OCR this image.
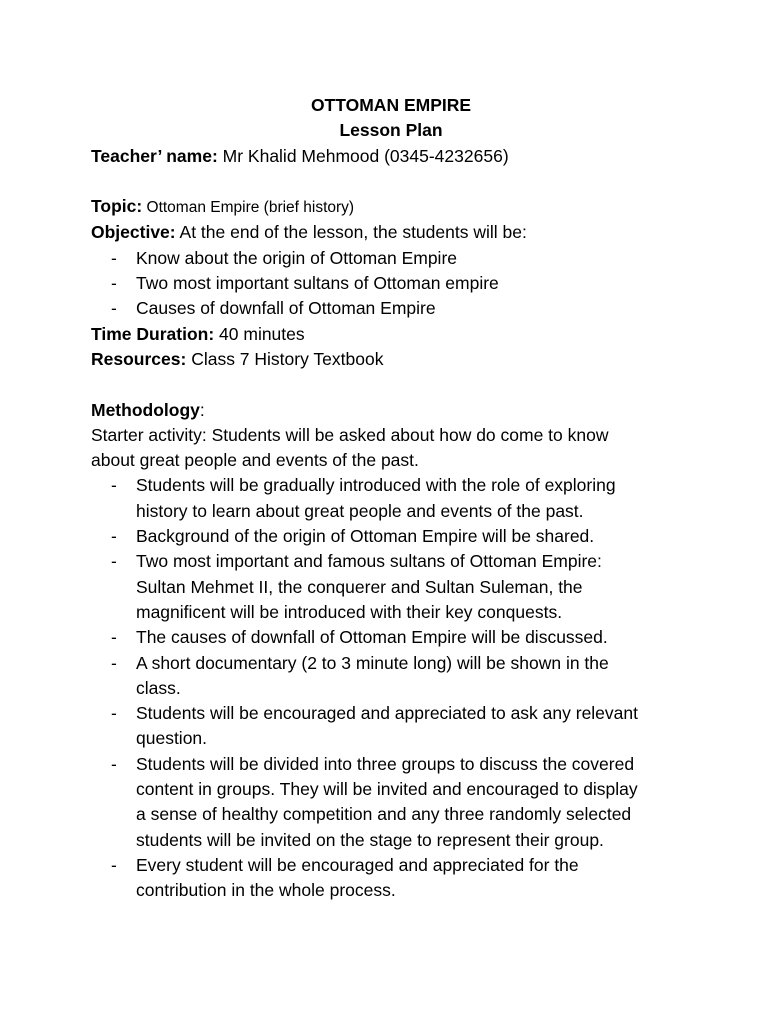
OTTOMAN EMPIRE
Lesson Plan
Teacher’ name: Mr Khalid Mehmood (0345-4232656)
Topic: Ottoman Empire (brief history)
Objective: At the end of the lesson, the students will be:
- Know about the origin of Ottoman Empire
- Two most important sultans of Ottoman empire
- Causes of downfall of Ottoman Empire
Time Duration: 40 minutes
Resources: Class 7 History Textbook
Methodology:
Starter activity: Students will be asked about how do come to know
about great people and events of the past.
- Students will be gradually introduced with the role of exploring
history to learn about great people and events of the past.
- Background of the origin of Ottoman Empire will be shared.
- Two most important and famous sultans of Ottoman Empire:
Sultan Mehmet II, the conquerer and Sultan Suleman, the
magnificent will be introduced with their key conquests.
- The causes of downfall of Ottoman Empire will be discussed.
- A short documentary (2 to 3 minute long) will be shown in the
class.
- Students will be encouraged and appreciated to ask any relevant
question.
- Students will be divided into three groups to discuss the covered
content in groups. They will be invited and encouraged to display
a sense of healthy competition and any three randomly selected
students will be invited on the stage to represent their group.
- Every student will be encouraged and appreciated for the
contribution in the whole process.
